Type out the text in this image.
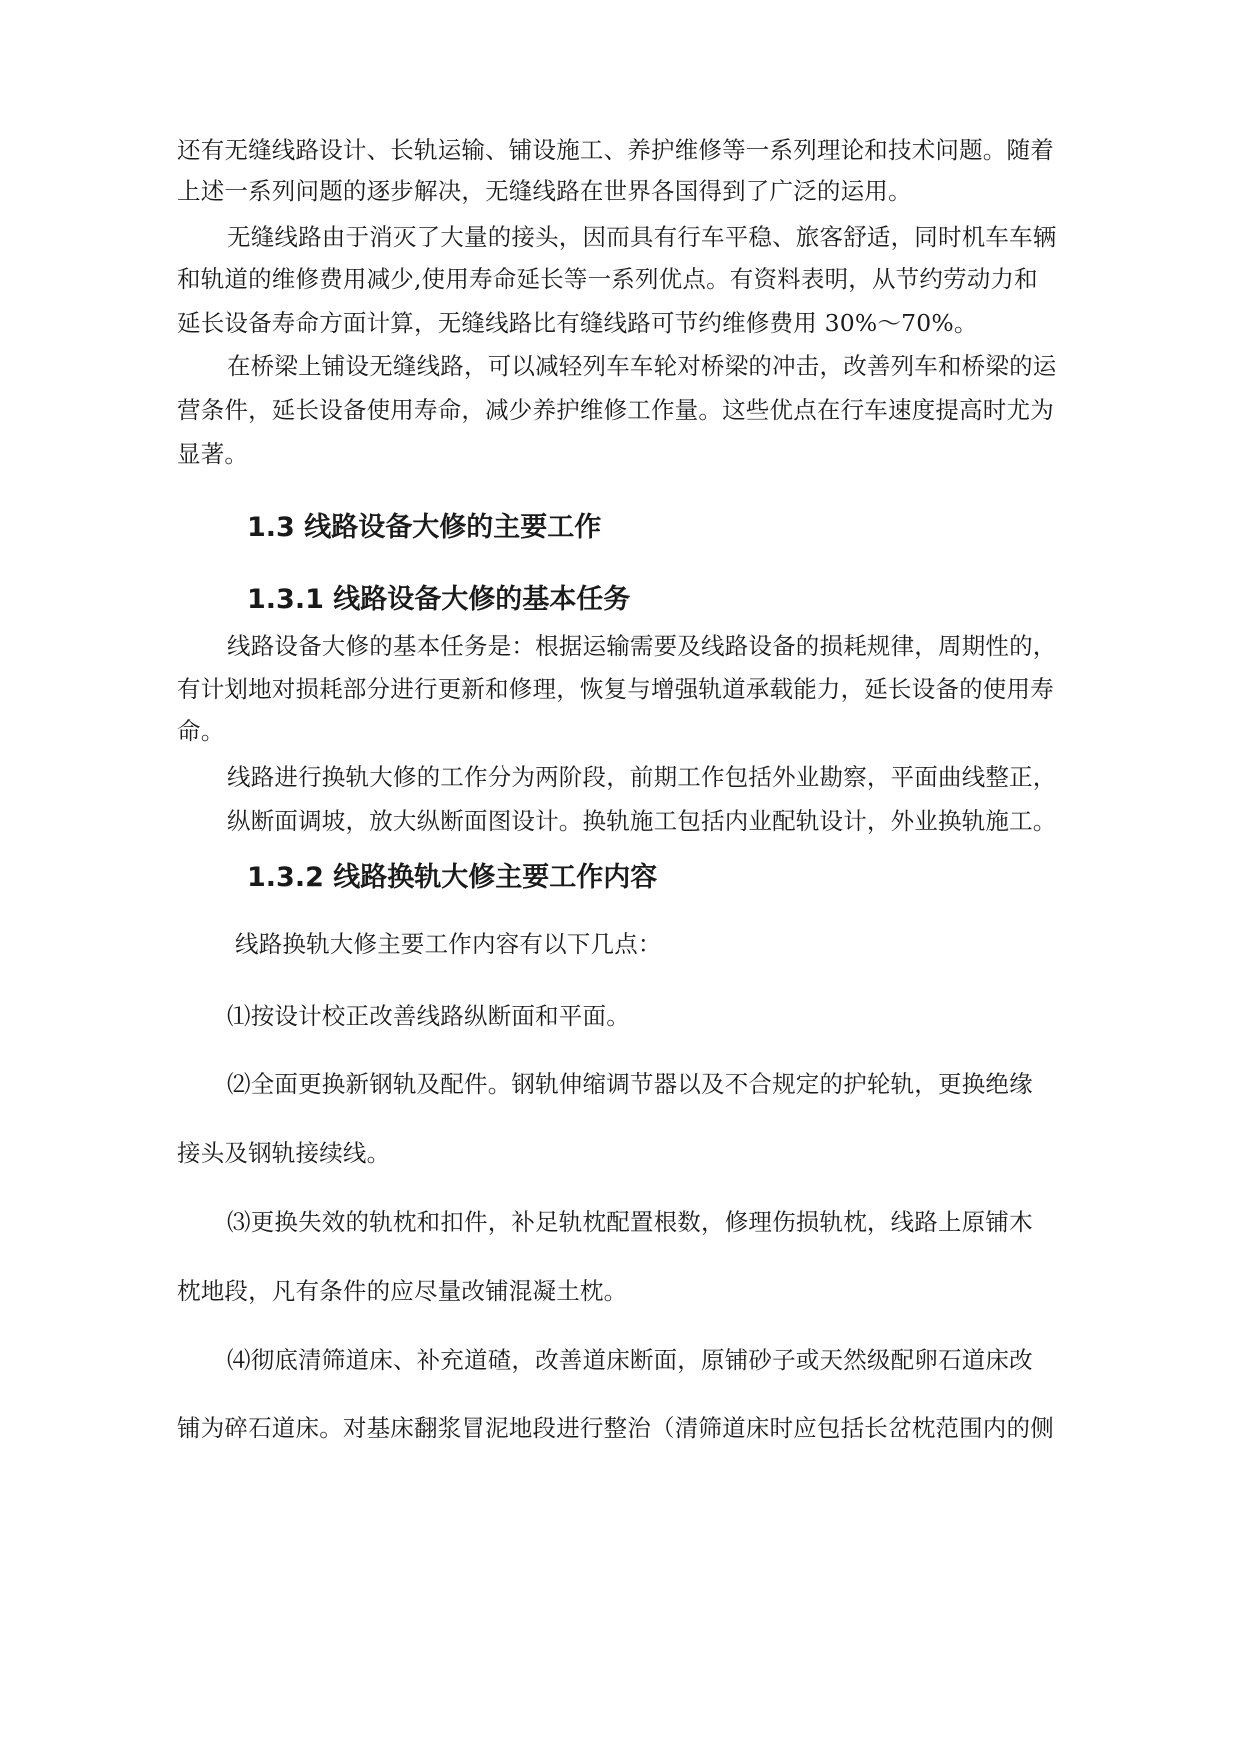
还有无缝线路设计、长轨运输、铺设施工、养护维修等一系列理论和技术问题。随着
上述一系列问题的逐步解决，无缝线路在世界各国得到了广泛的运用。
无缝线路由于消灭了大量的接头，因而具有行车平稳、旅客舒适，同时机车车辆
和轨道的维修费用减少,使用寿命延长等一系列优点。有资料表明，从节约劳动力和
延长设备寿命方面计算，无缝线路比有缝线路可节约维修费用 30%～70%。
在桥梁上铺设无缝线路，可以减轻列车车轮对桥梁的冲击，改善列车和桥梁的运
营条件，延长设备使用寿命，减少养护维修工作量。这些优点在行车速度提高时尤为
显著。
1.3 线路设备大修的主要工作
1.3.1 线路设备大修的基本任务
线路设备大修的基本任务是：根据运输需要及线路设备的损耗规律，周期性的，
有计划地对损耗部分进行更新和修理，恢复与增强轨道承载能力，延长设备的使用寿
命。
线路进行换轨大修的工作分为两阶段，前期工作包括外业勘察，平面曲线整正，
纵断面调坡，放大纵断面图设计。换轨施工包括内业配轨设计，外业换轨施工。
1.3.2 线路换轨大修主要工作内容
线路换轨大修主要工作内容有以下几点：
⑴按设计校正改善线路纵断面和平面。
⑵全面更换新钢轨及配件。钢轨伸缩调节器以及不合规定的护轮轨，更换绝缘
接头及钢轨接续线。
⑶更换失效的轨枕和扣件，补足轨枕配置根数，修理伤损轨枕，线路上原铺木
枕地段，凡有条件的应尽量改铺混凝土枕。
⑷彻底清筛道床、补充道碴，改善道床断面，原铺砂子或天然级配卵石道床改
铺为碎石道床。对基床翻浆冒泥地段进行整治（清筛道床时应包括长岔枕范围内的侧
